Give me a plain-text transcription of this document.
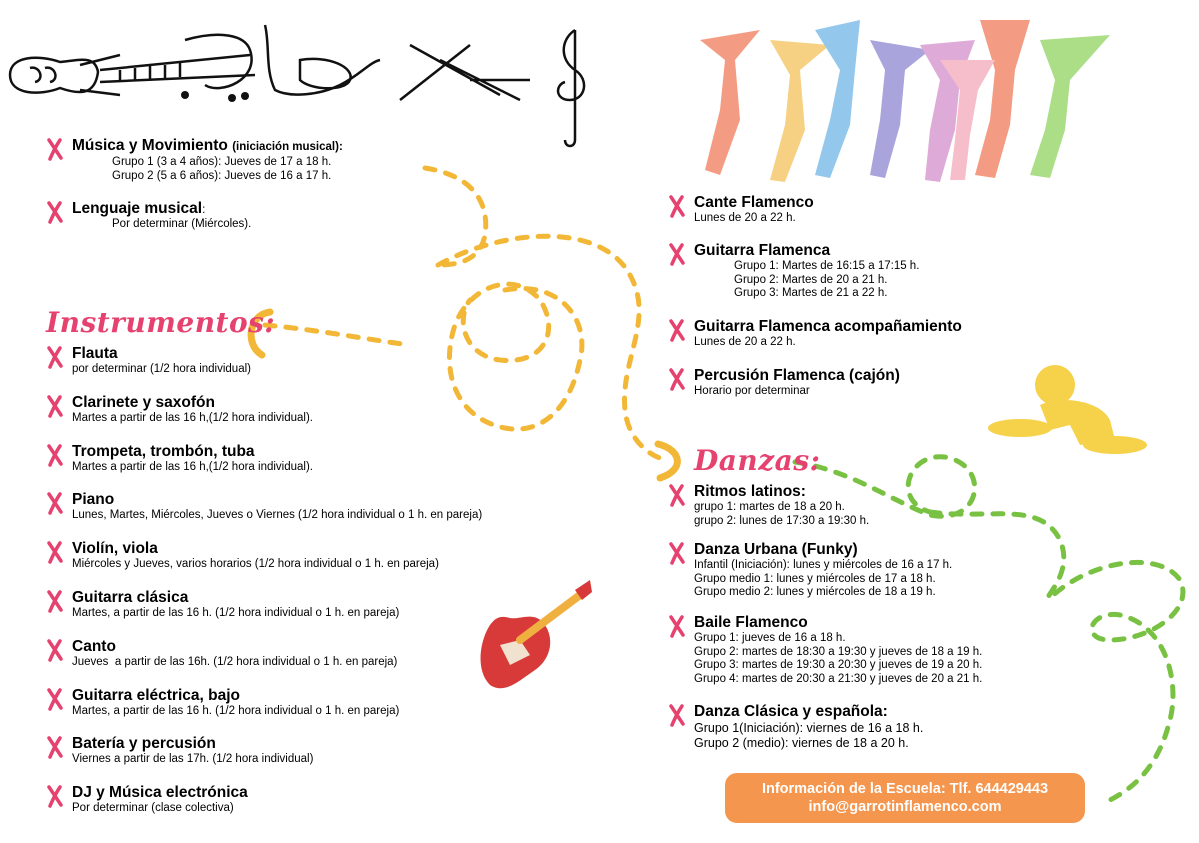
Música y Movimiento (iniciación musical):
Grupo 1 (3 a 4 años): Jueves de 17 a 18 h.
Grupo 2 (5 a 6 años): Jueves de 16 a 17 h.
Lenguaje musical:
Por determinar (Miércoles).
Instrumentos:
Flauta
por determinar (1/2 hora individual)
Clarinete y saxofón
Martes a partir de las 16 h,(1/2 hora individual).
Trompeta, trombón, tuba
Martes a partir de las 16 h,(1/2 hora individual).
Piano
Lunes, Martes, Miércoles, Jueves o Viernes (1/2 hora individual o 1 h. en pareja)
Violín, viola
Miércoles y Jueves, varios horarios (1/2 hora individual o 1 h. en pareja)
Guitarra clásica
Martes, a partir de las 16 h. (1/2 hora individual o 1 h. en pareja)
Canto
Jueves  a partir de las 16h. (1/2 hora individual o 1 h. en pareja)
Guitarra eléctrica, bajo
Martes, a partir de las 16 h. (1/2 hora individual o 1 h. en pareja)
Batería y percusión
Viernes a partir de las 17h. (1/2 hora individual)
DJ y Música electrónica
Por determinar (clase colectiva)
Cante Flamenco
Lunes de 20 a 22 h.
Guitarra Flamenca
Grupo 1: Martes de 16:15 a 17:15 h.
Grupo 2: Martes de 20 a 21 h.
Grupo 3: Martes de 21 a 22 h.
Guitarra Flamenca acompañamiento
Lunes de 20 a 22 h.
Percusión Flamenca (cajón)
Horario por determinar
Danzas:
Ritmos latinos:
grupo 1: martes de 18 a 20 h.
grupo 2: lunes de 17:30 a 19:30 h.
Danza Urbana (Funky)
Infantil (Iniciación): lunes y miércoles de 16 a 17 h.
Grupo medio 1: lunes y miércoles de 17 a 18 h.
Grupo medio 2: lunes y miércoles de 18 a 19 h.
Baile Flamenco
Grupo 1: jueves de 16 a 18 h.
Grupo 2: martes de 18:30 a 19:30 y jueves de 18 a 19 h.
Grupo 3: martes de 19:30 a 20:30 y jueves de 19 a 20 h.
Grupo 4: martes de 20:30 a 21:30 y jueves de 20 a 21 h.
Danza Clásica y española:
Grupo 1(Iniciación): viernes de 16 a 18 h.
Grupo 2 (medio): viernes de 18 a 20 h.
Información de la Escuela: Tlf. 644429443
info@garrotinflamenco.com
